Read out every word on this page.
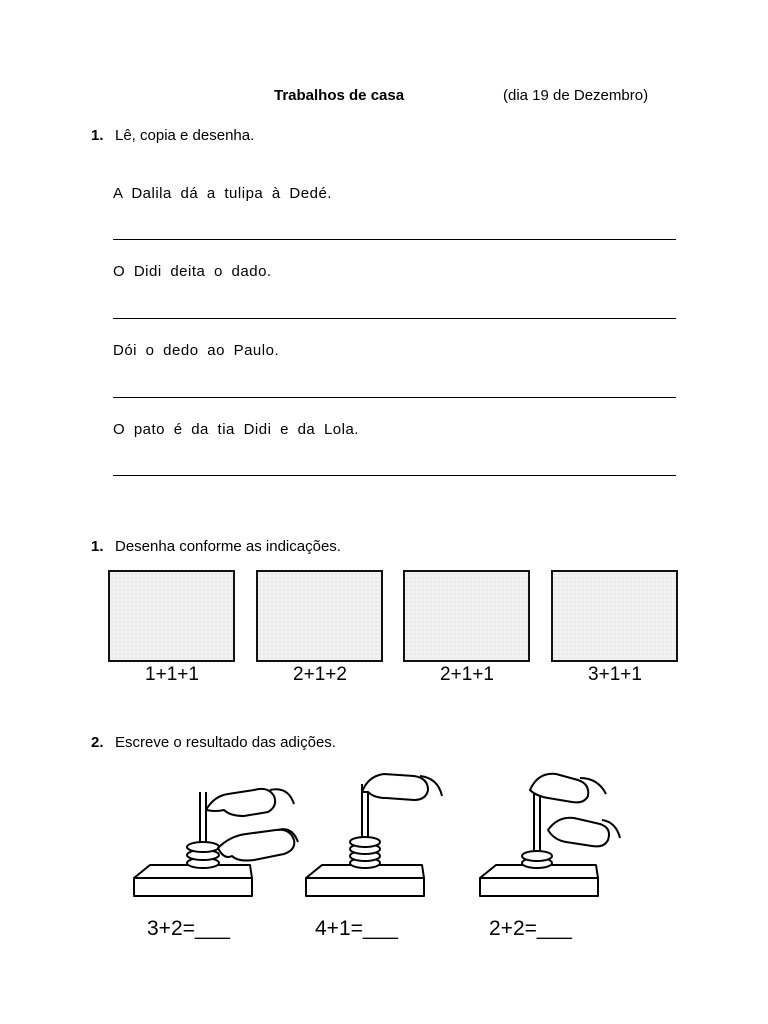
Trabalhos de casa	(dia 19 de Dezembro)
1. Lê, copia e desenha.
A Dalila dá a tulipa à Dedé.
O Didi deita o dado.
Dói o dedo ao Paulo.
O pato é da tia Didi e da Lola.
1. Desenha conforme as indicações.
1+1+1	2+1+2	2+1+1	3+1+1
2. Escreve o resultado das adições.
3+2=___	4+1=___	2+2=___
